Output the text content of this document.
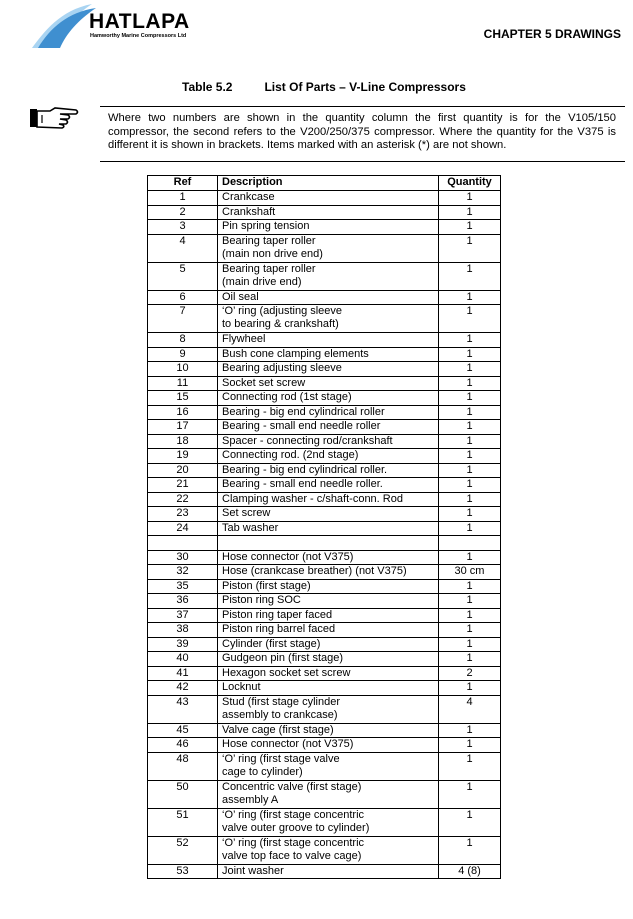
HATLAPA
Hamworthy Marine Compressors Ltd	CHAPTER 5 DRAWINGS
Table 5.2	List Of Parts – V-Line Compressors
Where two numbers are shown in the quantity column the first quantity is for the V105/150 compressor, the second refers to the V200/250/375 compressor. Where the quantity for the V375 is different it is shown in brackets. Items marked with an asterisk (*) are not shown.
Ref	Description	Quantity
1	Crankcase	1
2	Crankshaft	1
3	Pin spring tension	1
4	Bearing taper roller
(main non drive end)	1
5	Bearing taper roller
(main drive end)	1
6	Oil seal	1
7	‘O’ ring (adjusting sleeve
to bearing & crankshaft)	1
8	Flywheel	1
9	Bush cone clamping elements	1
10	Bearing adjusting sleeve	1
11	Socket set screw	1
15	Connecting rod (1st stage)	1
16	Bearing - big end cylindrical roller	1
17	Bearing - small end needle roller	1
18	Spacer - connecting rod/crankshaft	1
19	Connecting rod. (2nd stage)	1
20	Bearing - big end cylindrical roller.	1
21	Bearing - small end needle roller.	1
22	Clamping washer - c/shaft-conn. Rod	1
23	Set screw	1
24	Tab washer	1

30	Hose connector (not V375)	1
32	Hose (crankcase breather) (not V375)	30 cm
35	Piston (first stage)	1
36	Piston ring SOC	1
37	Piston ring taper faced	1
38	Piston ring barrel faced	1
39	Cylinder (first stage)	1
40	Gudgeon pin (first stage)	1
41	Hexagon socket set screw	2
42	Locknut	1
43	Stud (first stage cylinder
assembly to crankcase)	4
45	Valve cage (first stage)	1
46	Hose connector (not V375)	1
48	‘O’ ring (first stage valve
cage to cylinder)	1
50	Concentric valve (first stage)
assembly A	1
51	‘O’ ring (first stage concentric
valve outer groove to cylinder)	1
52	‘O’ ring (first stage concentric
valve top face to valve cage)	1
53	Joint washer	4 (8)
